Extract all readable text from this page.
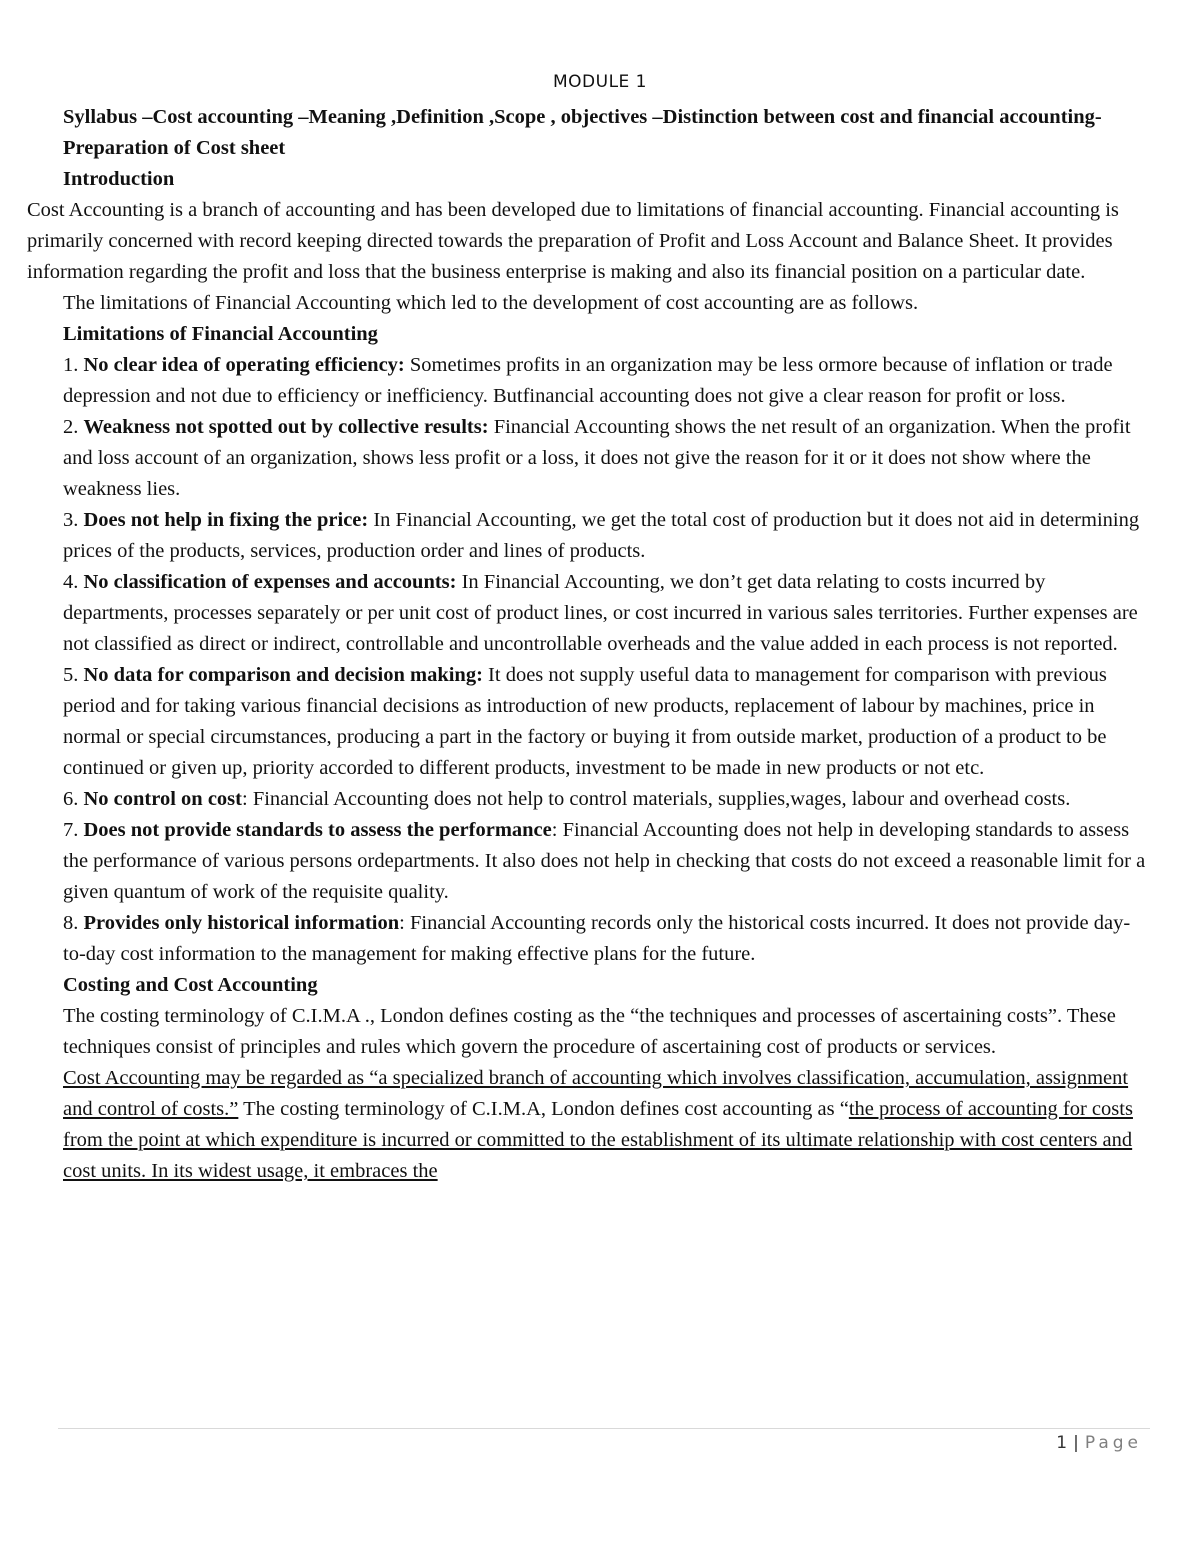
MODULE 1

Syllabus –Cost accounting –Meaning ,Definition ,Scope , objectives –Distinction between cost and financial accounting-Preparation of Cost sheet

Introduction

Cost Accounting is a branch of accounting and has been developed due to limitations of financial accounting. Financial accounting is primarily concerned with record keeping directed towards the preparation of Profit and Loss Account and Balance Sheet. It provides information regarding the profit and loss that the business enterprise is making and also its financial position on a particular date.

The limitations of Financial Accounting which led to the development of cost accounting are as follows.

Limitations of Financial Accounting

1. No clear idea of operating efficiency: Sometimes profits in an organization may be less ormore because of inflation or trade depression and not due to efficiency or inefficiency. Butfinancial accounting does not give a clear reason for profit or loss.

2. Weakness not spotted out by collective results: Financial Accounting shows the net result of an organization. When the profit and loss account of an organization, shows less profit or a loss, it does not give the reason for it or it does not show where the weakness lies.

3. Does not help in fixing the price: In Financial Accounting, we get the total cost of production but it does not aid in determining prices of the products, services, production order and lines of products.

4. No classification of expenses and accounts: In Financial Accounting, we don’t get data relating to costs incurred by departments, processes separately or per unit cost of product lines, or cost incurred in various sales territories. Further expenses are not classified as direct or indirect, controllable and uncontrollable overheads and the value added in each process is not reported.

5. No data for comparison and decision making: It does not supply useful data to management for comparison with previous period and for taking various financial decisions as introduction of new products, replacement of labour by machines, price in normal or special circumstances, producing a part in the factory or buying it from outside market, production of a product to be continued or given up, priority accorded to different products, investment to be made in new products or not etc.

6. No control on cost: Financial Accounting does not help to control materials, supplies,wages, labour and overhead costs.

7. Does not provide standards to assess the performance: Financial Accounting does not help in developing standards to assess the performance of various persons ordepartments. It also does not help in checking that costs do not exceed a reasonable limit for a given quantum of work of the requisite quality.

8. Provides only historical information: Financial Accounting records only the historical costs incurred. It does not provide day-to-day cost information to the management for making effective plans for the future.

Costing and Cost Accounting

The costing terminology of C.I.M.A ., London defines costing as the “the techniques and processes of ascertaining costs”. These techniques consist of principles and rules which govern the procedure of ascertaining cost of products or services.

Cost Accounting may be regarded as “a specialized branch of accounting which involves classification, accumulation, assignment and control of costs.” The costing terminology of C.I.M.A, London defines cost accounting as “the process of accounting for costs from the point at which expenditure is incurred or committed to the establishment of its ultimate relationship with cost centers and cost units. In its widest usage, it embraces the

1 | Page
